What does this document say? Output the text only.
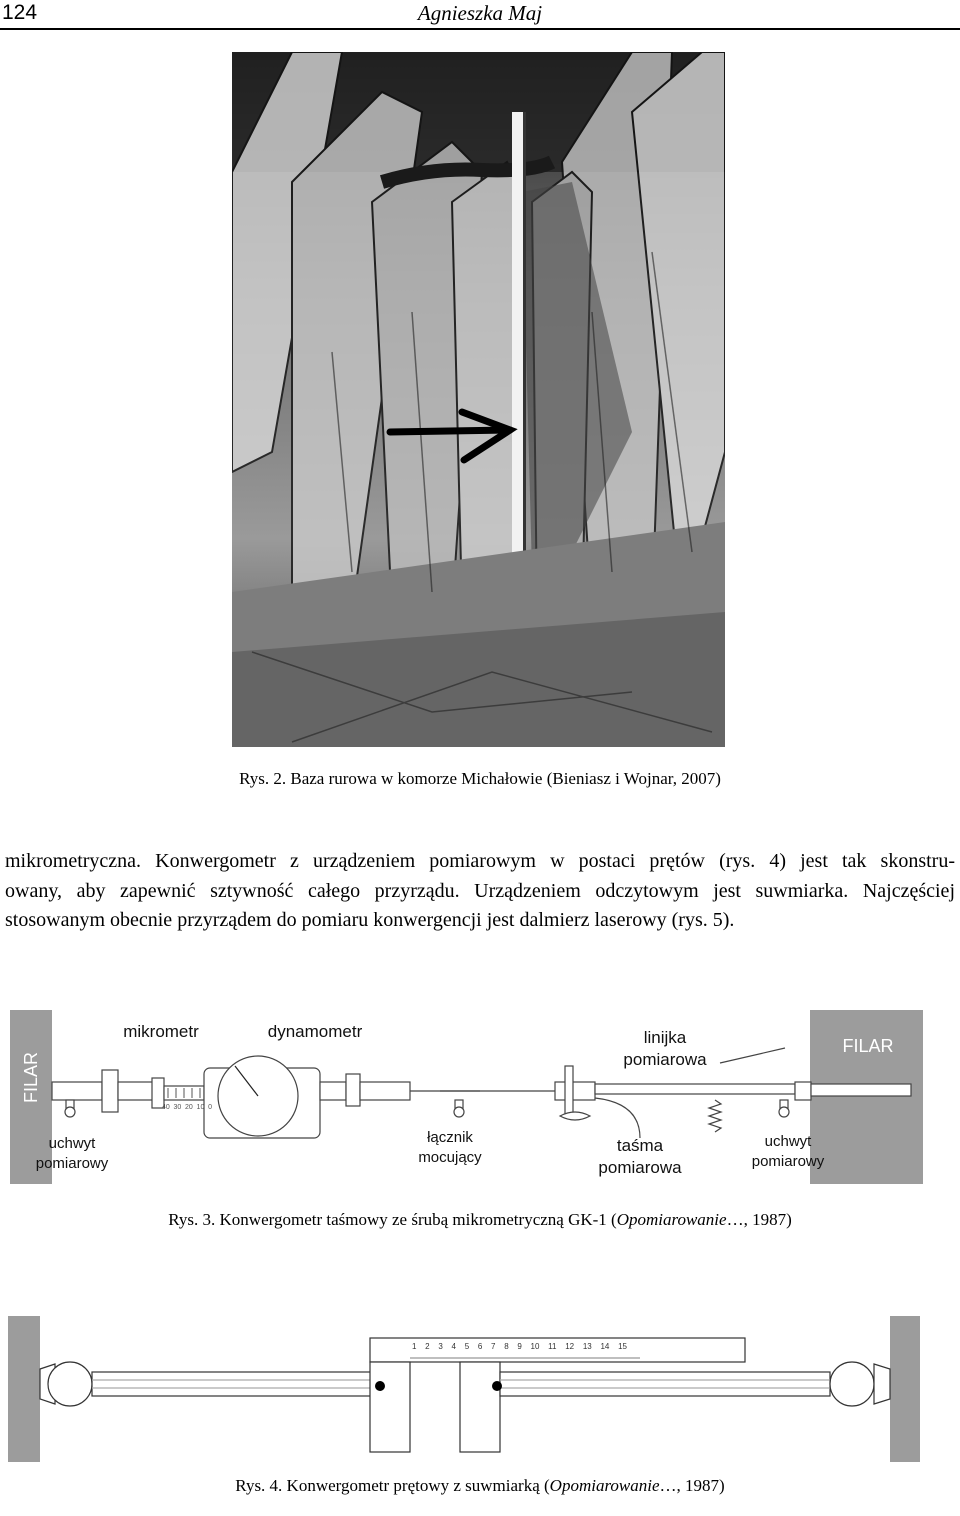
124	Agnieszka Maj
Rys. 2. Baza rurowa w komorze Michałowie (Bieniasz i Wojnar, 2007)
mikrometryczna. Konwergometr z urządzeniem pomiarowym w postaci prętów (rys. 4) jest tak skonstru-
owany, aby zapewnić sztywność całego przyrządu. Urządzeniem odczytowym jest suwmiarka. Najczęściej
stosowanym obecnie przyrządem do pomiaru konwergencji jest dalmierz laserowy (rys. 5).
FILAR
FILAR
mikrometr	dynamometr	linijka
pomiarowa
uchwyt
pomiarowy
łącznik
mocujący
taśma
pomiarowa
uchwyt
pomiarowy
40 30 20 10 0
Rys. 3. Konwergometr taśmowy ze śrubą mikrometryczną GK-1 (Opomiarowanie…, 1987)
1 2 3 4 5 6 7 8 9 10 11 12 13 14 15
Rys. 4. Konwergometr prętowy z suwmiarką (Opomiarowanie…, 1987)
